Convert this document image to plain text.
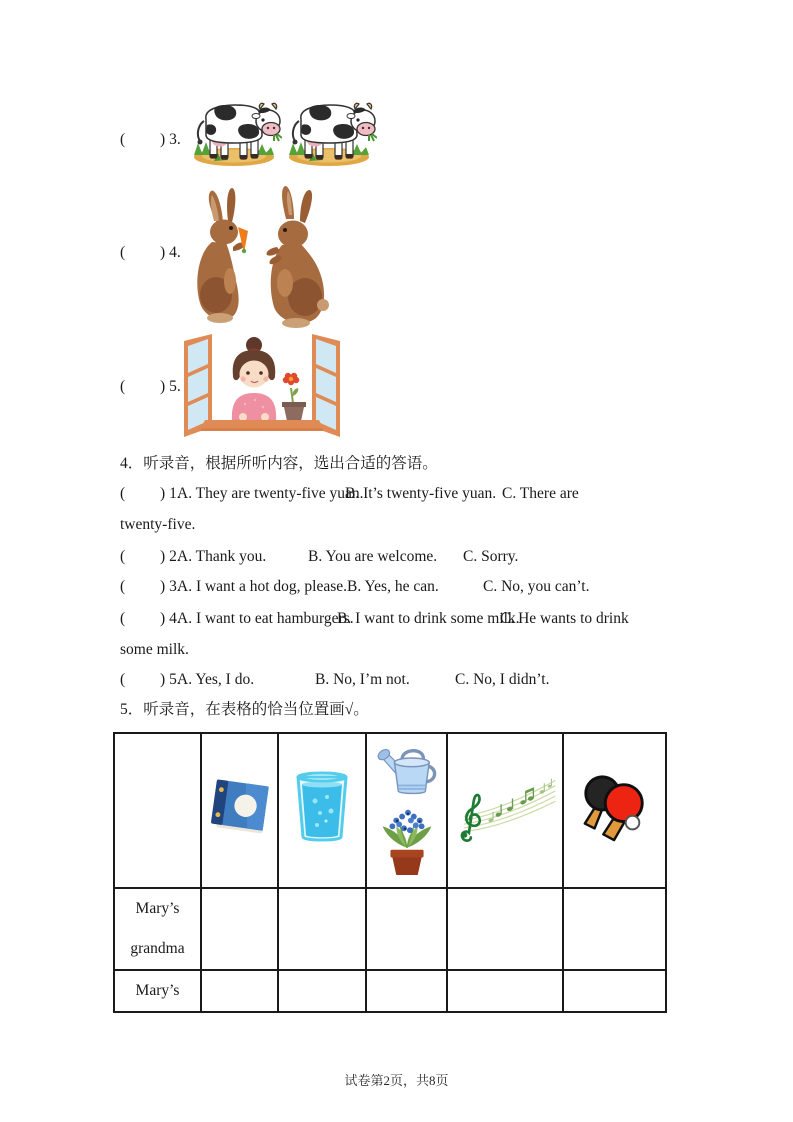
(         ) 3.
(         ) 4.
(         ) 5.
4．听录音，根据所听内容，选出合适的答语。
(         ) 1.
A. They are twenty-five yuan.
B. It’s twenty-five yuan. C. There are
twenty-five.
(         ) 2.
A. Thank you.	B. You are welcome. C. Sorry.
(         ) 3.
A. I want a hot dog, please. B. Yes, he can.	C. No, you can’t.
(         ) 4.
A. I want to eat hamburgers.
B. I want to drink some milk.
C. He wants to drink
some milk.
(         ) 5.
A. Yes, I do.	B. No, I’m not.	C. No, I didn’t.
5．听录音，在表格的恰当位置画√。

Mary’s grandma					
Mary’s					
试卷第2页，共8页
